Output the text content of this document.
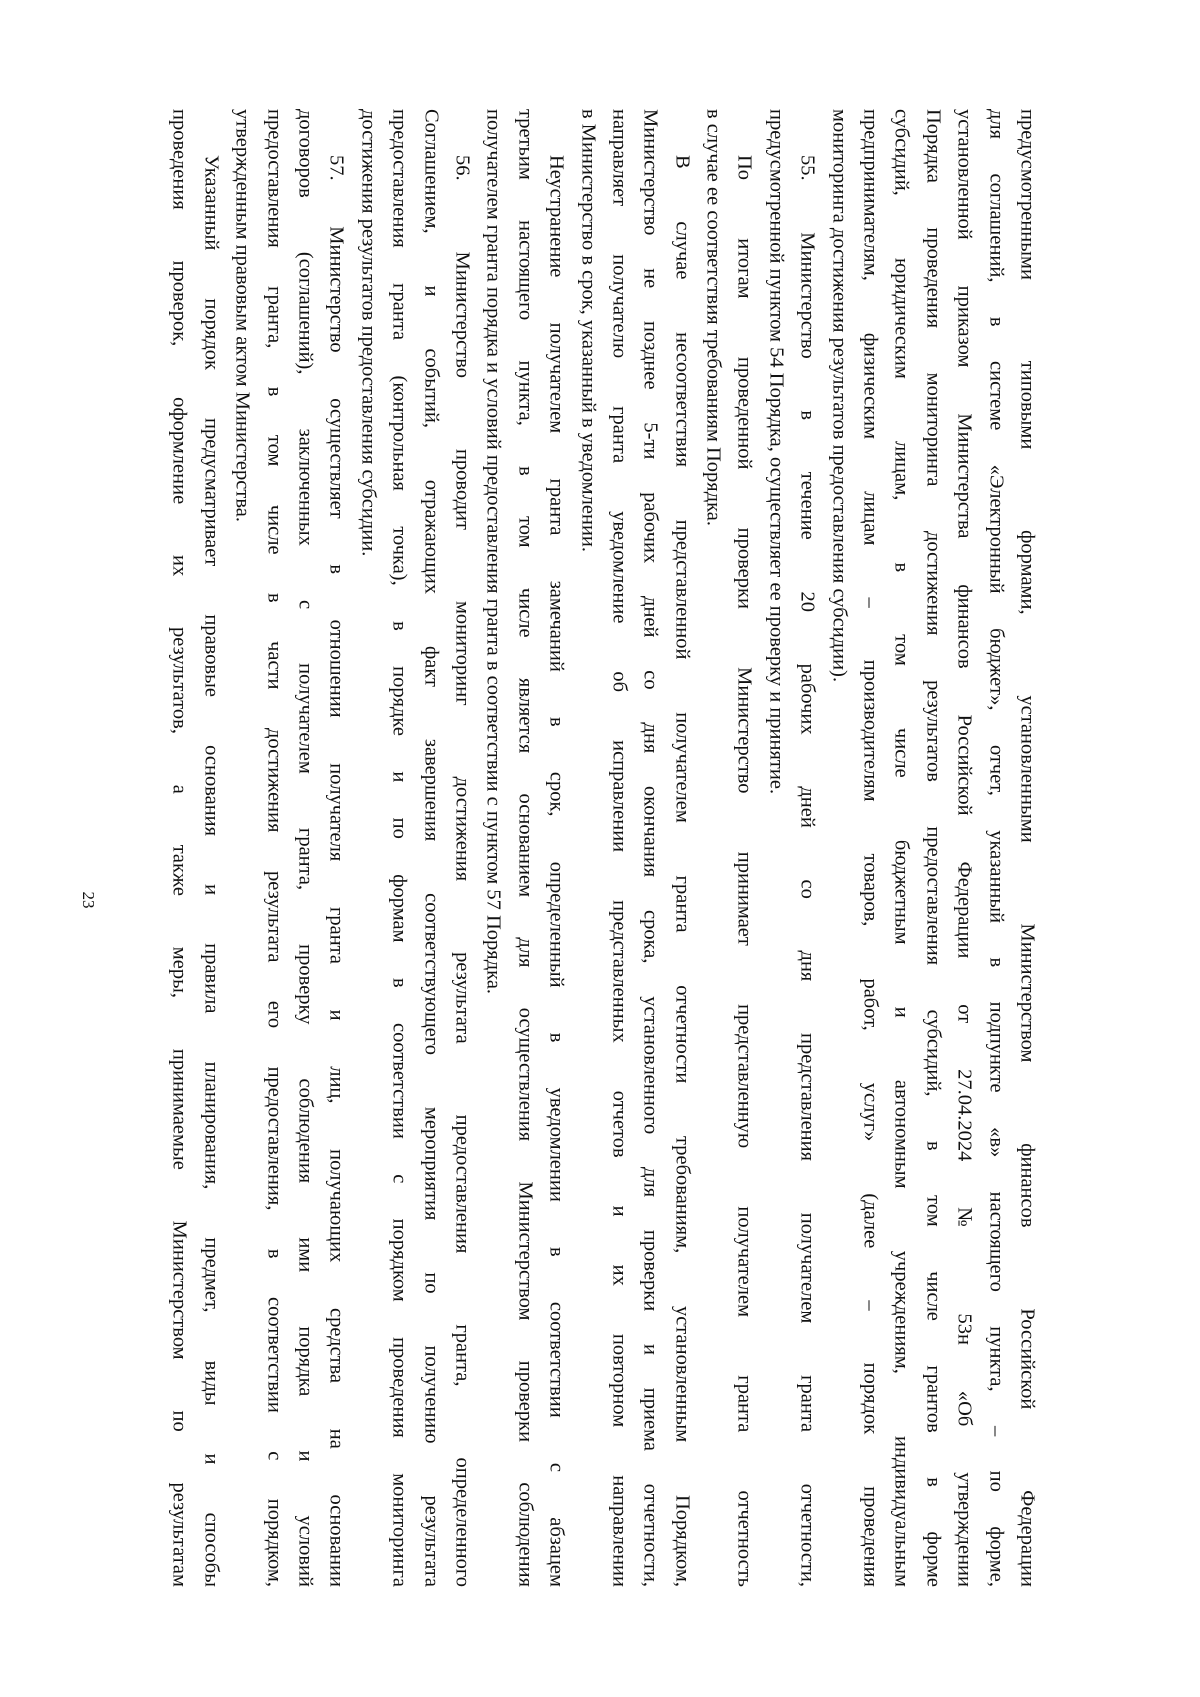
23	предусмотренными типовыми формами, установленными Министерством финансов Российской Федерации
для соглашений, в системе «Электронный бюджет», отчет, указанный в подпункте «в» настоящего пункта, – по форме,
установленной приказом Министерства финансов Российской Федерации от 27.04.2024 № 53н «Об утверждении
Порядка проведения мониторинга достижения результатов предоставления субсидий, в том числе грантов в форме
субсидий, юридическим лицам, в том числе бюджетным и автономным учреждениям, индивидуальным
предпринимателям, физическим лицам – производителям товаров, работ, услуг» (далее – порядок проведения
мониторинга достижения результатов предоставления субсидии).
55. Министерство в течение 20 рабочих дней со дня представления получателем гранта отчетности,
предусмотренной пунктом 54 Порядка, осуществляет ее проверку и принятие.
По итогам проведенной проверки Министерство принимает представленную получателем гранта отчетность
в случае ее соответствия требованиям Порядка.
В случае несоответствия представленной получателем гранта отчетности требованиям, установленным Порядком,
Министерство не позднее 5-ти рабочих дней со дня окончания срока, установленного для проверки и приема отчетности,
направляет получателю гранта уведомление об исправлении представленных отчетов и их повторном направлении
в Министерство в срок, указанный в уведомлении.
Неустранение получателем гранта замечаний в срок, определенный в уведомлении в соответствии с абзацем
третьим настоящего пункта, в том числе является основанием для осуществления Министерством проверки соблюдения
получателем гранта порядка и условий предоставления гранта в соответствии с пунктом 57 Порядка.
56. Министерство проводит мониторинг достижения результата предоставления гранта, определенного
Соглашением, и событий, отражающих факт завершения соответствующего мероприятия по получению результата
предоставления гранта (контрольная точка), в порядке и по формам в соответствии с порядком проведения мониторинга
достижения результатов предоставления субсидии.
57. Министерство осуществляет в отношении получателя гранта и лиц, получающих средства на основании
договоров (соглашений), заключенных с получателем гранта, проверку соблюдения ими порядка и условий
предоставления гранта, в том числе в части достижения результата его предоставления, в соответствии с порядком,
утвержденным правовым актом Министерства.
Указанный порядок предусматривает правовые основания и правила планирования, предмет, виды и способы
проведения проверок, оформление их результатов, а также меры, принимаемые Министерством по результатам
